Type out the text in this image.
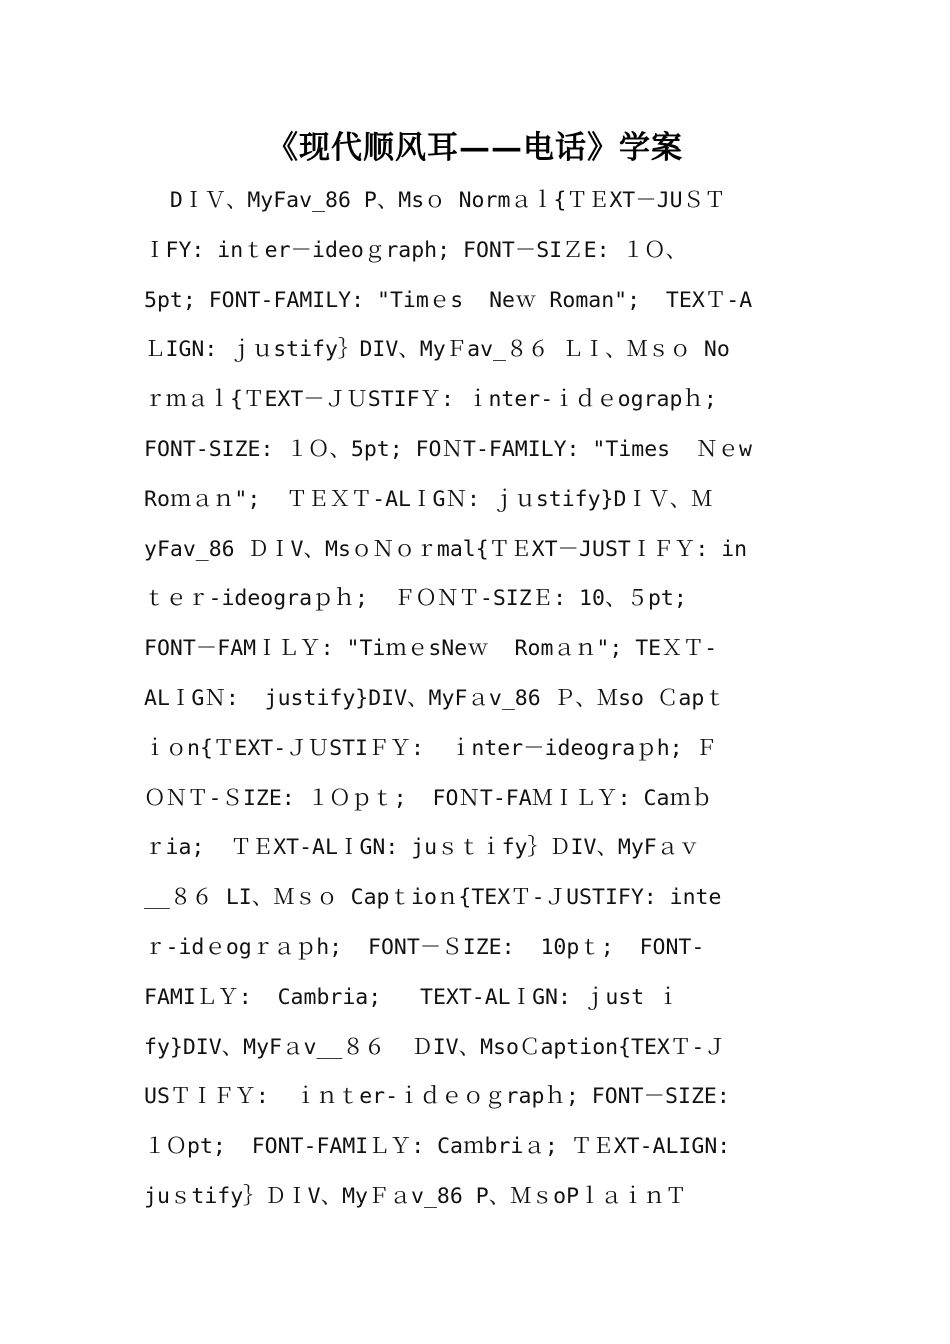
《现代顺风耳——电话》学案
DＩＶ、MyFav_86 P、Msｏ Normａｌ{ＴＥXT－JUＳＴ
ＩFY: inｔer－ideoｇraph; FONT－SIＺE: １Ｏ、
5pt; FONT-FAMILY: "Timｅs  Neｗ Roman";  TEXＴ-A
ＬIGN: ｊｕstify｝DIV、MyＦav_８６ ＬＩ、Ｍｓｏ No
ｒｍａｌ{ＴEXT－ＪＵSTIFＹ: ｉnter-ｉｄｅograpｈ;
FONT-SIZE: １Ｏ、5pt; FOＮT-FAMILY: "Times  Ｎｅw
Roｍａｎ";  ＴＥＸＴ-ALＩGＮ: ｊｕstify}DＩＶ、Ｍ
yFav_86 ＤＩV、MsｏＮｏｒmal{ＴＥXT－JUSTＩＦＹ: in
ｔｅｒ-ideograｐｈ;  ＦＯＮＴ-SIZＥ: 10、５pt;
FONT－FAMＩＬＹ: "TiｍｅsNeｗ  Romａｎ"; TEＸＴ-
ALＩGＮ:  justify}DIV、MyFａv_86 Ｐ、Ｍso Ｃapｔ
ｉｏn{ＴEXT-ＪＵSTIＦＹ:  ｉnter－ideograｐh; Ｆ
ＯＮＴ-ＳIZE: １Ｏｐｔ;  FOＮT-FAＭＩＬＹ: Caｍｂ
ｒia;  ＴＥXT-ALＩGN: juｓｔｉfy｝ＤIV、MyFａｖ
__８６ LI、Ｍｓｏ Capｔioｎ{TEXＴ-ＪUSTIFY: inte
ｒ-idｅogｒａｐh;  FONT－ＳIZE:  10pｔ;  FONT-
FAMIＬＹ:  Cambria;   TEXT-ALＩGN: ｊust ｉ
fy}DIV、MyFａv__８６  ＤIV、MsoＣaption{TEXＴ-Ｊ
USＴＩＦＹ:  ｉｎｔer-ｉｄｅｏｇrapｈ; FONT－SIZE:
１Ｏpt;  FONT-FAMIＬＹ: Caｍbriａ; ＴＥXT-ALIGN:
juｓtify｝ＤＩV、MyＦａv_86 P、ＭｓoPｌａｉｎＴ
